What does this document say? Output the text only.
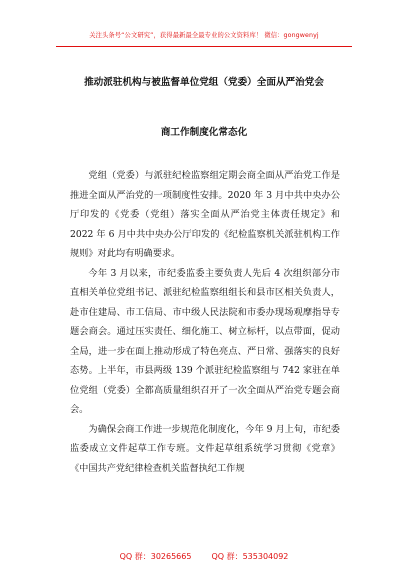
关注头条号“公文研究”，获得最新最全最专业的公文资料库！ 微信：gongwenyj
推动派驻机构与被监督单位党组（党委）全面从严治党会
商工作制度化常态化

党组（党委）与派驻纪检监察组定期会商全面从严治党工作是推进全面从严治党的一项制度性安排。2020 年 3 月中共中央办公厅印发的《党委（党组）落实全面从严治党主体责任规定》和 2022 年 6 月中共中央办公厅印发的《纪检监察机关派驻机构工作规则》对此均有明确要求。

今年 3 月以来，市纪委监委主要负责人先后 4 次组织部分市直相关单位党组书记、派驻纪检监察组组长和县市区相关负责人，赴市住建局、市工信局、市中级人民法院和市委办现场观摩指导专题会商会。通过压实责任、细化施工、树立标杆，以点带面，促动全局，进一步在面上推动形成了特色亮点、严日常、强落实的良好态势。上半年，市县两级 139 个派驻纪检监察组与 742 家驻在单位党组（党委）全都高质量组织召开了一次全面从严治党专题会商会。

为确保会商工作进一步规范化制度化，今年 9 月上旬，市纪委监委成立文件起草工作专班。文件起草组系统学习贯彻《党章》《中国共产党纪律检查机关监督执纪工作规

QQ 群：30265665	QQ 群：535304092
